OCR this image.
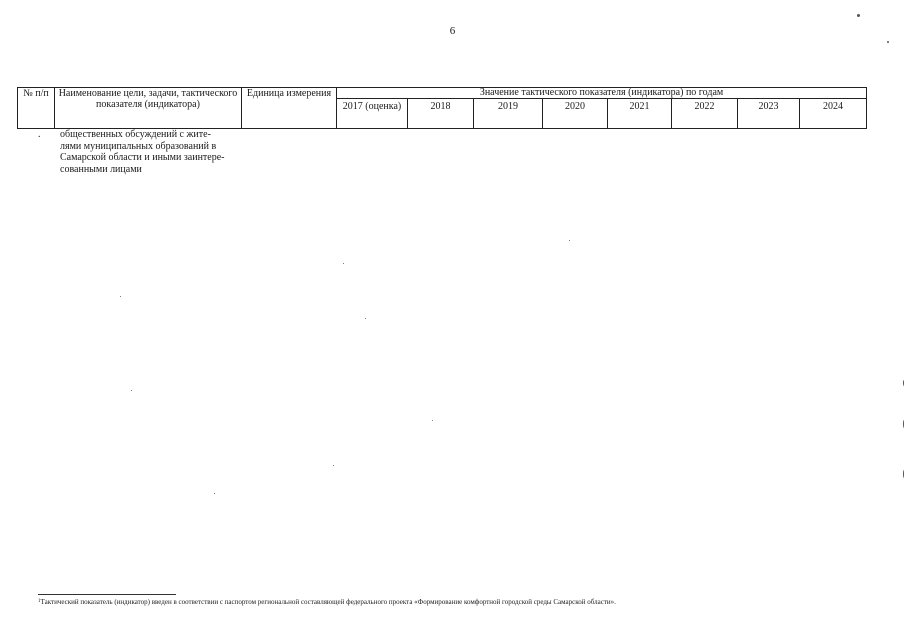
6
№ п/п	Наименование цели, задачи, тактического показателя (индикатора)	Единица измерения	Значение тактического показателя (индикатора) по годам							
			2017 (оценка)	2018	2019	2020	2021	2022	2023	2024
. общественных обсуждений с жите-
лями муниципальных образований в
Самарской области и иными заинтере-
сованными лицами
$^1$Тактический показатель (индикатор) введен в соответствии с паспортом региональной составляющей федерального проекта «Формирование комфортной городской среды Самарской области».
